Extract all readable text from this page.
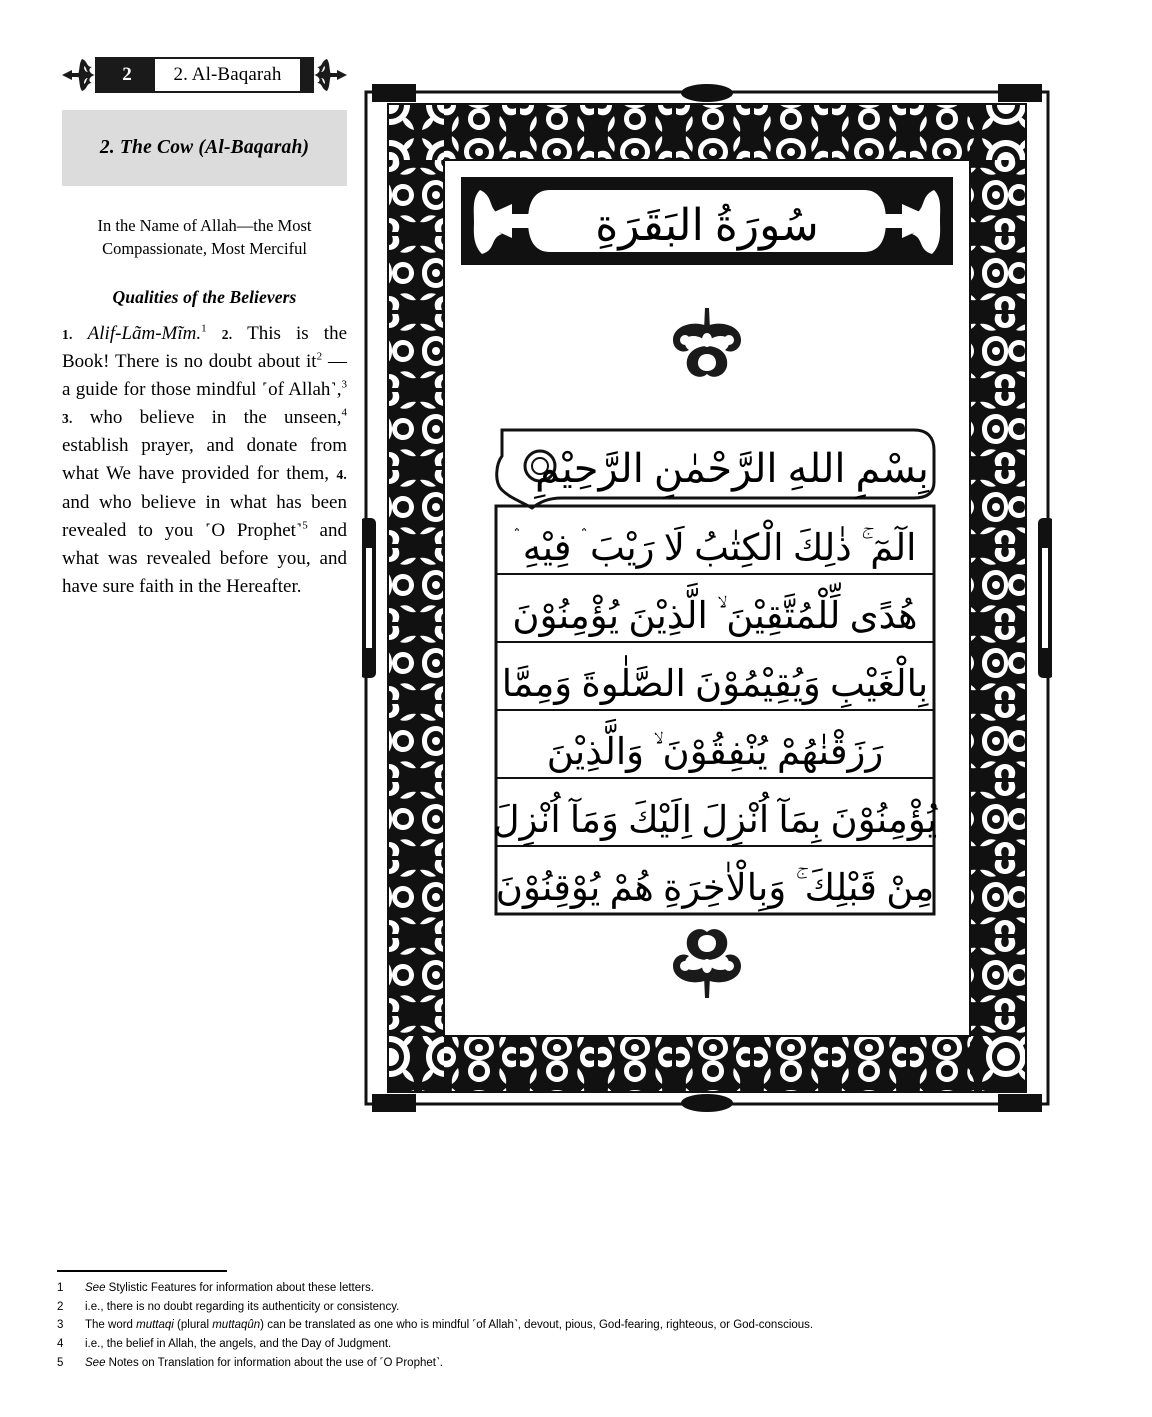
2	2. Al-Baqarah
2. The Cow (Al-Baqarah)
In the Name of Allah—the Most Compassionate, Most Merciful
Qualities of the Believers
1. Alif-Lãm-Mĩm.$^1$ 2. This is the Book! There is no doubt about $it^2$ —a guide for those mindful ˹of Allah˺,$^3$ 3. who believe in the unseen,$^4$ establish prayer, and donate from what We have provided for them, 4. and who believe in what has been revealed to you ˹O Prophet˺$^5$ and what was revealed before you, and have sure faith in the Hereafter.
1	See Stylistic Features for information about these letters.
2	i.e., there is no doubt regarding its authenticity or consistency.
3	The word muttaqi (plural muttaqûn) can be translated as one who is mindful ˹of Allah˺, devout, pious, God-fearing, righteous, or God-conscious.
4	i.e., the belief in Allah, the angels, and the Day of Judgment.
5	See Notes on Translation for information about the use of ˹O Prophet˺.
سُورَةُ البَقَرَةِ
بِسْمِ اللهِ الرَّحْمٰنِ الرَّحِيْمِ
الٓمٓ ۚ ذٰلِكَ الْكِتٰبُ لَا رَيْبَ ۛ فِيْهِ ۛ
هُدًى لِّلْمُتَّقِيْنَ ۙ الَّذِيْنَ يُؤْمِنُوْنَ
بِالْغَيْبِ وَيُقِيْمُوْنَ الصَّلٰوةَ وَمِمَّا
رَزَقْنٰهُمْ يُنْفِقُوْنَ ۙ وَالَّذِيْنَ
يُؤْمِنُوْنَ بِمَآ اُنْزِلَ اِلَيْكَ وَمَآ اُنْزِلَ
مِنْ قَبْلِكَ ۚ وَبِالْاٰخِرَةِ هُمْ يُوْقِنُوْنَ
